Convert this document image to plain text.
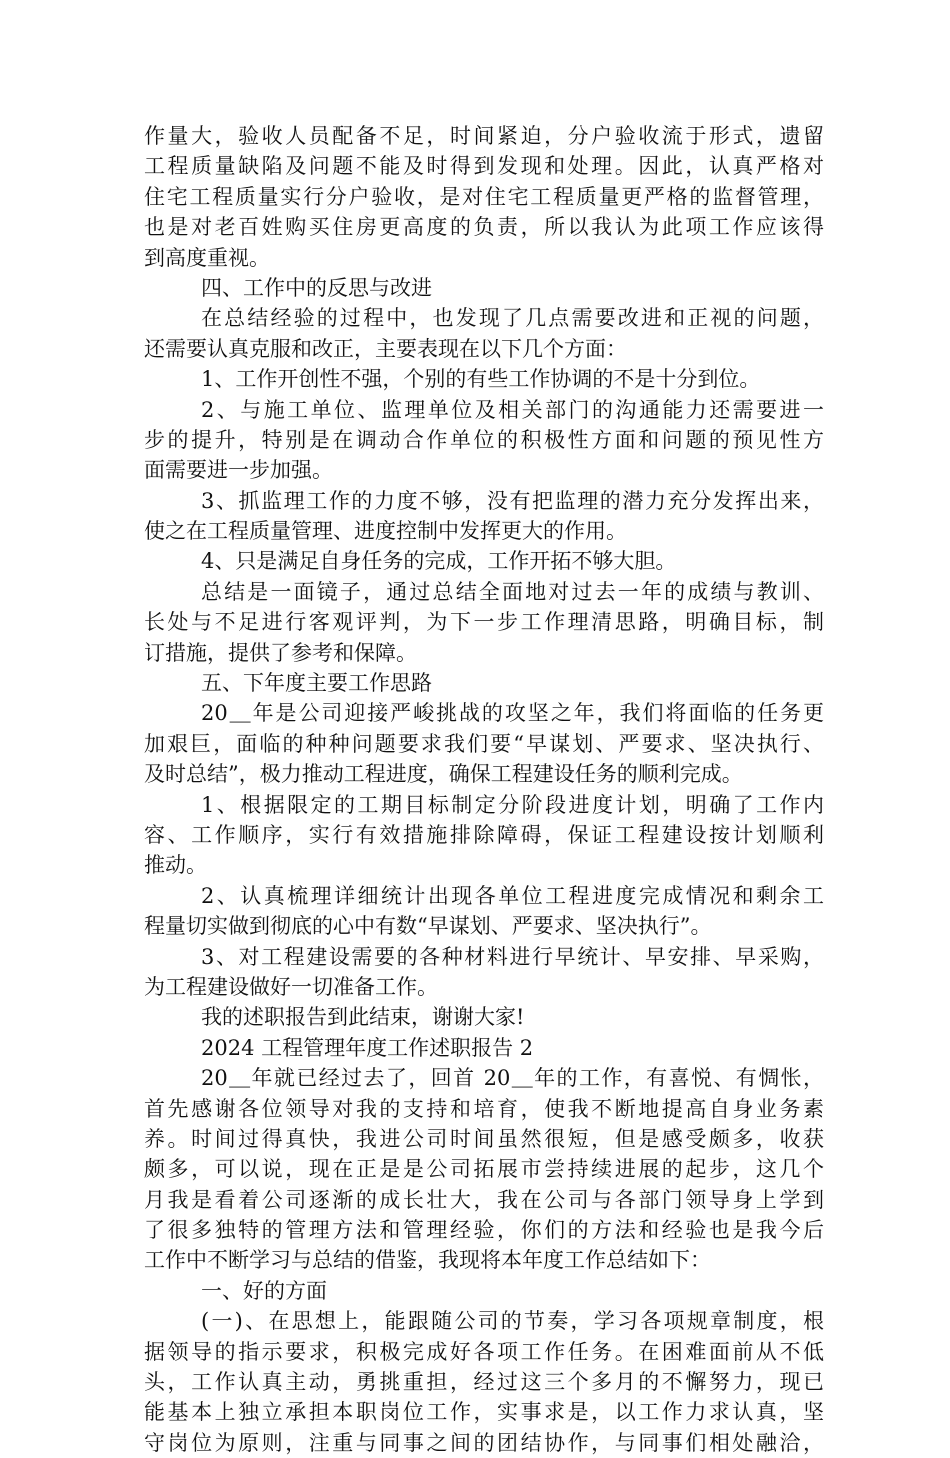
作量大，验收人员配备不足，时间紧迫，分户验收流于形式，遗留
工程质量缺陷及问题不能及时得到发现和处理。因此，认真严格对
住宅工程质量实行分户验收，是对住宅工程质量更严格的监督管理，
也是对老百姓购买住房更高度的负责，所以我认为此项工作应该得
到高度重视。
四、工作中的反思与改进
在总结经验的过程中，也发现了几点需要改进和正视的问题，
还需要认真克服和改正，主要表现在以下几个方面：
1、工作开创性不强，个别的有些工作协调的不是十分到位。
2、与施工单位、监理单位及相关部门的沟通能力还需要进一
步的提升，特别是在调动合作单位的积极性方面和问题的预见性方
面需要进一步加强。
3、抓监理工作的力度不够，没有把监理的潜力充分发挥出来，
使之在工程质量管理、进度控制中发挥更大的作用。
4、只是满足自身任务的完成，工作开拓不够大胆。
总结是一面镜子，通过总结全面地对过去一年的成绩与教训、
长处与不足进行客观评判，为下一步工作理清思路，明确目标，制
订措施，提供了参考和保障。
五、下年度主要工作思路
20＿年是公司迎接严峻挑战的攻坚之年，我们将面临的任务更
加艰巨，面临的种种问题要求我们要“早谋划、严要求、坚决执行、
及时总结”，极力推动工程进度，确保工程建设任务的顺利完成。
1、根据限定的工期目标制定分阶段进度计划，明确了工作内
容、工作顺序，实行有效措施排除障碍，保证工程建设按计划顺利
推动。
2、认真梳理详细统计出现各单位工程进度完成情况和剩余工
程量切实做到彻底的心中有数“早谋划、严要求、坚决执行”。
3、对工程建设需要的各种材料进行早统计、早安排、早采购，
为工程建设做好一切准备工作。
我的述职报告到此结束，谢谢大家!
2024 工程管理年度工作述职报告 2
20＿年就已经过去了，回首 20＿年的工作，有喜悦、有惆怅，
首先感谢各位领导对我的支持和培育，使我不断地提高自身业务素
养。时间过得真快，我进公司时间虽然很短，但是感受颇多，收获
颇多，可以说，现在正是是公司拓展市尝持续进展的起步，这几个
月我是看着公司逐渐的成长壮大，我在公司与各部门领导身上学到
了很多独特的管理方法和管理经验，你们的方法和经验也是我今后
工作中不断学习与总结的借鉴，我现将本年度工作总结如下：
一、好的方面
(一)、在思想上，能跟随公司的节奏，学习各项规章制度，根
据领导的指示要求，积极完成好各项工作任务。在困难面前从不低
头，工作认真主动，勇挑重担，经过这三个多月的不懈努力，现已
能基本上独立承担本职岗位工作，实事求是，以工作力求认真，坚
守岗位为原则，注重与同事之间的团结协作，与同事们相处融洽，
